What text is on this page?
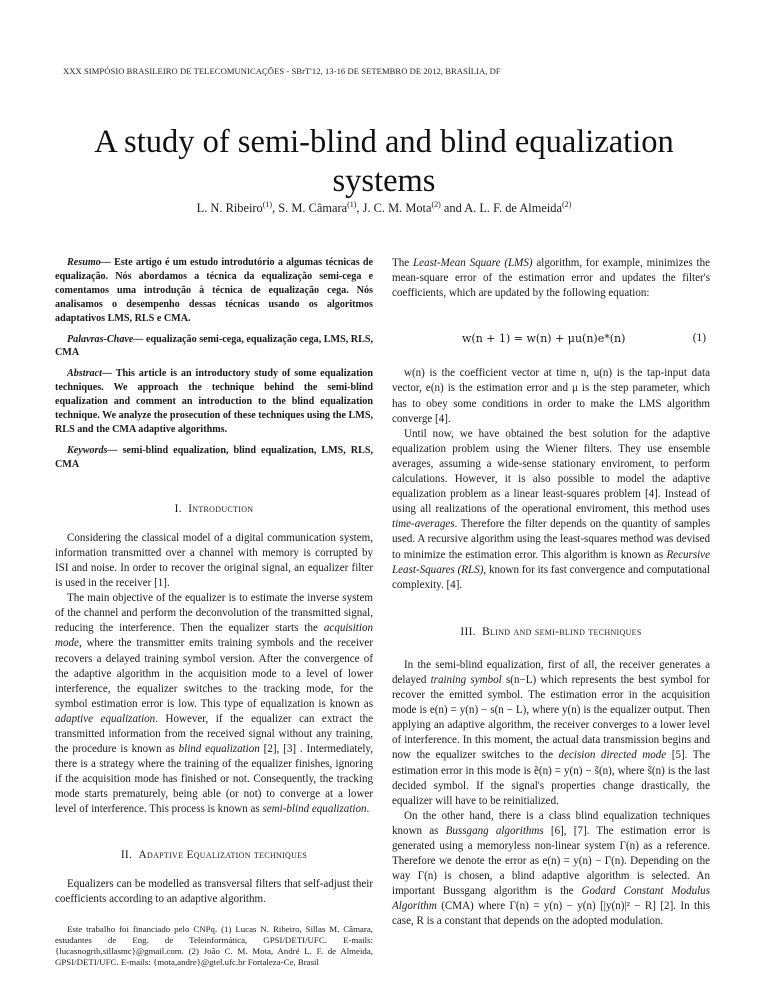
XXX SIMPÓSIO BRASILEIRO DE TELECOMUNICAÇÕES - SBrT'12, 13-16 DE SETEMBRO DE 2012, BRASÍLIA, DF
A study of semi-blind and blind equalization systems
L. N. Ribeiro$^{(1)}$, S. M. Câmara$^{(1)}$, J. C. M. Mota$^{(2)}$ and A. L. F. de Almeida$^{(2)}$

Resumo— Este artigo é um estudo introdutório a algumas técnicas de equalização. Nós abordamos a técnica da equalização semi-cega e comentamos uma introdução à técnica de equalização cega. Nós analisamos o desempenho dessas técnicas usando os algoritmos adaptativos LMS, RLS e CMA.

Palavras-Chave— equalização semi-cega, equalização cega, LMS, RLS, CMA

Abstract— This article is an introductory study of some equalization techniques. We approach the technique behind the semi-blind equalization and comment an introduction to the blind equalization technique. We analyze the prosecution of these techniques using the LMS, RLS and the CMA adaptive algorithms.

Keywords— semi-blind equalization, blind equalization, LMS, RLS, CMA

I. Introduction

Considering the classical model of a digital communication system, information transmitted over a channel with memory is corrupted by ISI and noise. In order to recover the original signal, an equalizer filter is used in the receiver [1].

The main objective of the equalizer is to estimate the inverse system of the channel and perform the deconvolution of the transmitted signal, reducing the interference. Then the equalizer starts the acquisition mode, where the transmitter emits training symbols and the receiver recovers a delayed training symbol version. After the convergence of the adaptive algorithm in the acquisition mode to a level of lower interference, the equalizer switches to the tracking mode, for the symbol estimation error is low. This type of equalization is known as adaptive equalization. However, if the equalizer can extract the transmitted information from the received signal without any training, the procedure is known as blind equalization [2], [3] . Intermediately, there is a strategy where the training of the equalizer finishes, ignoring if the acquisition mode has finished or not. Consequently, the tracking mode starts prematurely, being able (or not) to converge at a lower level of interference. This process is known as semi-blind equalization.

II. Adaptive Equalization techniques

Equalizers can be modelled as transversal filters that self-adjust their coefficients according to an adaptive algorithm.

Este trabalho foi financiado pelo CNPq. (1) Lucas N. Ribeiro, Sillas M. Câmara, estudantes de Eng. de Teleinformática, GPSI/DETI/UFC. E-mails: {lucasnogrib,sillasmc}@gmail.com. (2) João C. M. Mota, André L. F. de Almeida, GPSI/DETI/UFC. E-mails: {mota,andre}@gtel.ufc.br Fortaleza-Ce, Brasil

The Least-Mean Square (LMS) algorithm, for example, minimizes the mean-square error of the estimation error and updates the filter's coefficients, which are updated by the following equation:

w(n + 1) = w(n) + μu(n)e*(n)	(1)

w(n) is the coefficient vector at time n, u(n) is the tap-input data vector, e(n) is the estimation error and μ is the step parameter, which has to obey some conditions in order to make the LMS algorithm converge [4].

Until now, we have obtained the best solution for the adaptive equalization problem using the Wiener filters. They use ensemble averages, assuming a wide-sense stationary enviroment, to perform calculations. However, it is also possible to model the adaptive equalization problem as a linear least-squares problem [4]. Instead of using all realizations of the operational enviroment, this method uses time-averages. Therefore the filter depends on the quantity of samples used. A recursive algorithm using the least-squares method was devised to minimize the estimation error. This algorithm is known as Recursive Least-Squares (RLS), known for its fast convergence and computational complexity. [4].

III. Blind and semi-blind techniques

In the semi-blind equalization, first of all, the receiver generates a delayed training symbol s(n−L) which represents the best symbol for recover the emitted symbol. The estimation error in the acquisition mode is e(n) = y(n) − s(n − L), where y(n) is the equalizer output. Then applying an adaptive algorithm, the receiver converges to a lower level of interference. In this moment, the actual data transmission begins and now the equalizer switches to the decision directed mode [5]. The estimation error in this mode is ẽ(n) = y(n) − s̃(n), where s̃(n) is the last decided symbol. If the signal's properties change drastically, the equalizer will have to be reinitialized.

On the other hand, there is a class blind equalization techniques known as Bussgang algorithms [6], [7]. The estimation error is generated using a memoryless non-linear system Γ(n) as a reference. Therefore we denote the error as e(n) = y(n) − Γ(n). Depending on the way Γ(n) is chosen, a blind adaptive algorithm is selected. An important Bussgang algorithm is the Godard Constant Modulus Algorithm (CMA) where Γ(n) = y(n) − y(n) [|y(n)|² − R] [2]. In this case, R is a constant that depends on the adopted modulation.
